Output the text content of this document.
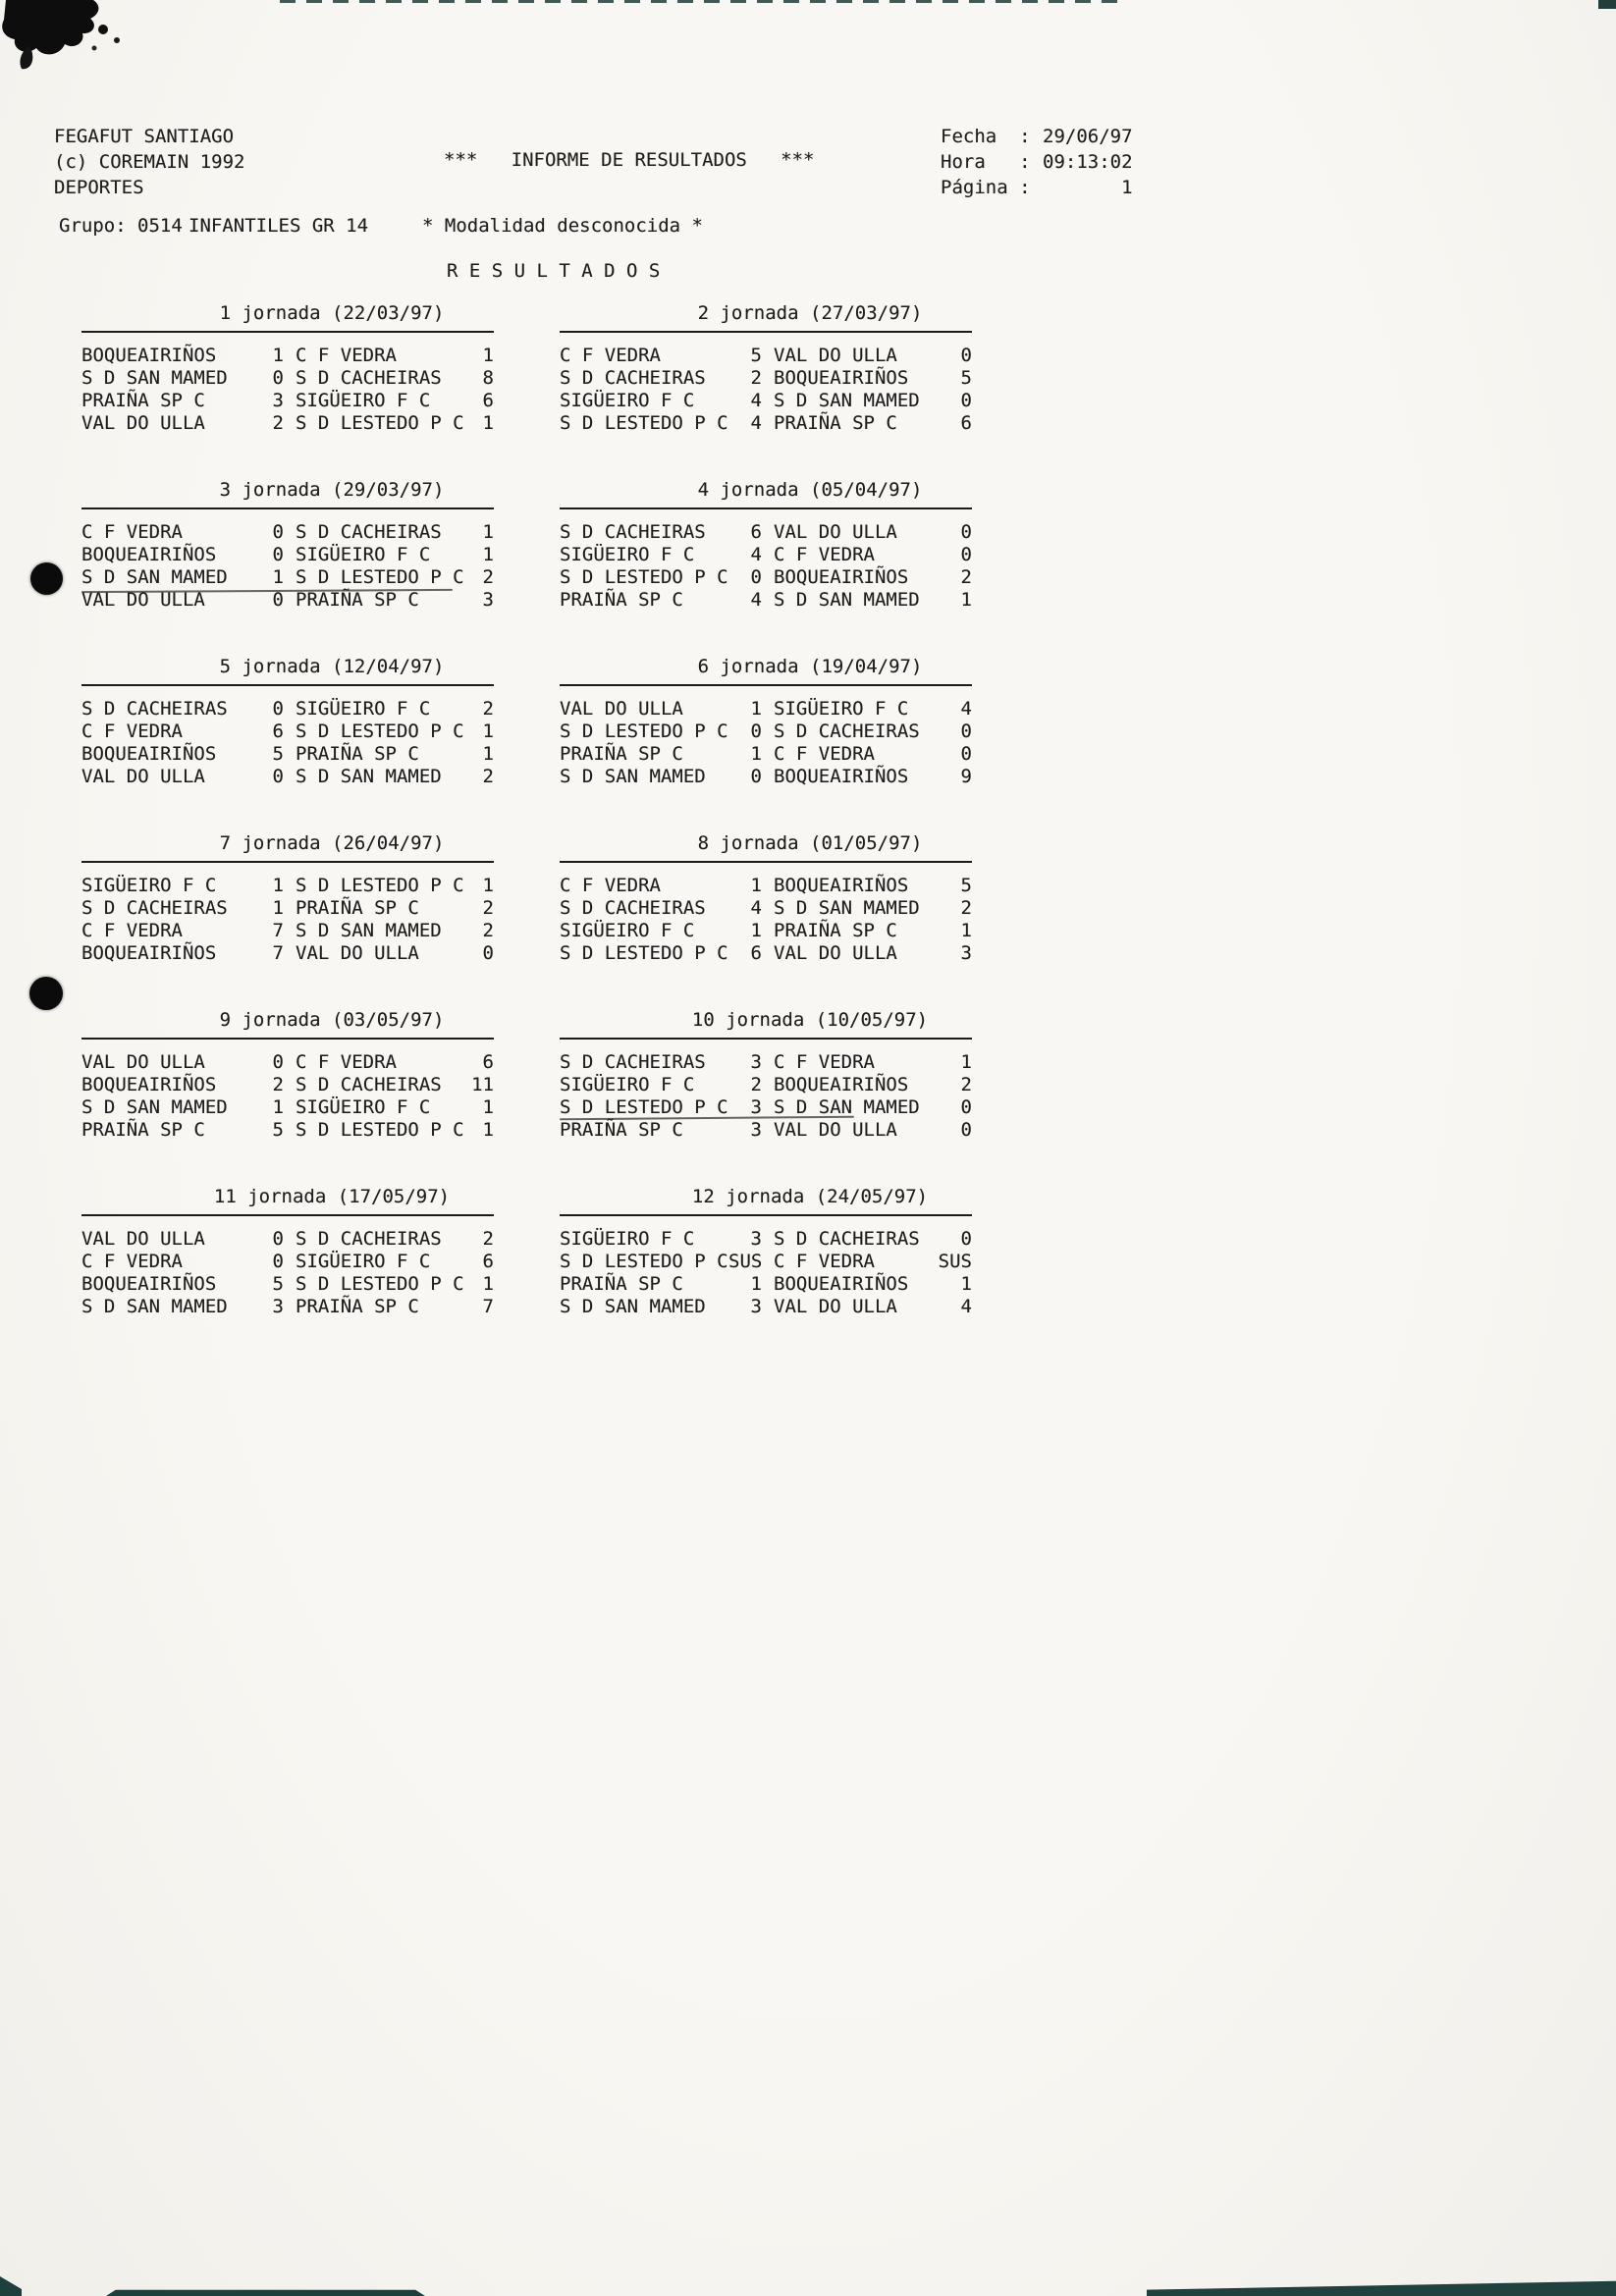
FEGAFUT SANTIAGO
(c) COREMAIN 1992
DEPORTES
***   INFORME DE RESULTADOS   ***
Fecha  : 29/06/97
Hora   : 09:13:02
Página :	1
Grupo: 0514 INFANTILES GR 14	* Modalidad desconocida *
R E S U L T A D O S
1 jornada (22/03/97)
BOQUEAIRIÑOS	1 C F VEDRA	1
S D SAN MAMED	0 S D CACHEIRAS	8
PRAIÑA SP C	3 SIGÜEIRO F C	6
VAL DO ULLA	2 S D LESTEDO P C 1
2 jornada (27/03/97)
C F VEDRA	5 VAL DO ULLA	0
S D CACHEIRAS	2 BOQUEAIRIÑOS	5
SIGÜEIRO F C	4 S D SAN MAMED	0
S D LESTEDO P C	4 PRAIÑA SP C	6
3 jornada (29/03/97)
C F VEDRA	0 S D CACHEIRAS	1
BOQUEAIRIÑOS	0 SIGÜEIRO F C	1
S D SAN MAMED	1 S D LESTEDO P C 2
VAL DO ULLA	0 PRAIÑA SP C	3
4 jornada (05/04/97)
S D CACHEIRAS	6 VAL DO ULLA	0
SIGÜEIRO F C	4 C F VEDRA	0
S D LESTEDO P C	0 BOQUEAIRIÑOS	2
PRAIÑA SP C	4 S D SAN MAMED	1
5 jornada (12/04/97)
S D CACHEIRAS	0 SIGÜEIRO F C	2
C F VEDRA	6 S D LESTEDO P C 1
BOQUEAIRIÑOS	5 PRAIÑA SP C	1
VAL DO ULLA	0 S D SAN MAMED	2
6 jornada (19/04/97)
VAL DO ULLA	1 SIGÜEIRO F C	4
S D LESTEDO P C	0 S D CACHEIRAS	0
PRAIÑA SP C	1 C F VEDRA	0
S D SAN MAMED	0 BOQUEAIRIÑOS	9
7 jornada (26/04/97)
SIGÜEIRO F C	1 S D LESTEDO P C 1
S D CACHEIRAS	1 PRAIÑA SP C	2
C F VEDRA	7 S D SAN MAMED	2
BOQUEAIRIÑOS	7 VAL DO ULLA	0
8 jornada (01/05/97)
C F VEDRA	1 BOQUEAIRIÑOS	5
S D CACHEIRAS	4 S D SAN MAMED	2
SIGÜEIRO F C	1 PRAIÑA SP C	1
S D LESTEDO P C	6 VAL DO ULLA	3
9 jornada (03/05/97)
VAL DO ULLA	0 C F VEDRA	6
BOQUEAIRIÑOS	2 S D CACHEIRAS	11
S D SAN MAMED	1 SIGÜEIRO F C	1
PRAIÑA SP C	5 S D LESTEDO P C 1
10 jornada (10/05/97)
S D CACHEIRAS	3 C F VEDRA	1
SIGÜEIRO F C	2 BOQUEAIRIÑOS	2
S D LESTEDO P C	3 S D SAN MAMED	0
PRAIÑA SP C	3 VAL DO ULLA	0
11 jornada (17/05/97)
VAL DO ULLA	0 S D CACHEIRAS	2
C F VEDRA	0 SIGÜEIRO F C	6
BOQUEAIRIÑOS	5 S D LESTEDO P C 1
S D SAN MAMED	3 PRAIÑA SP C	7
12 jornada (24/05/97)
SIGÜEIRO F C	3 S D CACHEIRAS	0
S D LESTEDO P C SUS C F VEDRA	SUS
PRAIÑA SP C	1 BOQUEAIRIÑOS	1
S D SAN MAMED	3 VAL DO ULLA	4
